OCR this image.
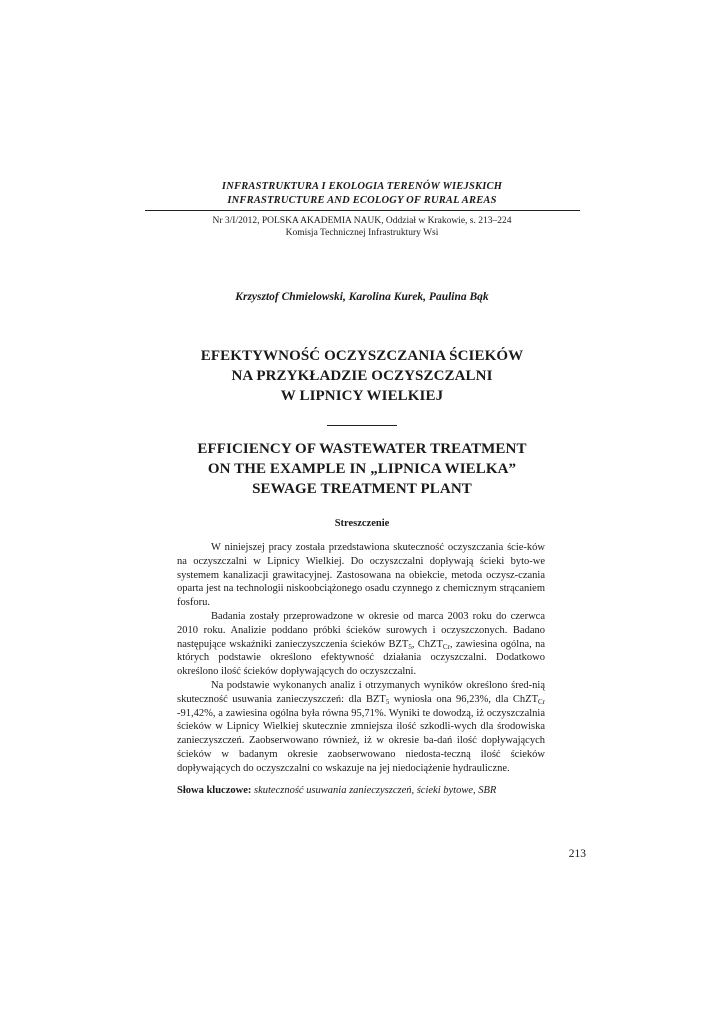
INFRASTRUKTURA I EKOLOGIA TERENÓW WIEJSKICH
INFRASTRUCTURE AND ECOLOGY OF RURAL AREAS
Nr 3/I/2012, POLSKA AKADEMIA NAUK, Oddział w Krakowie, s. 213–224
Komisja Technicznej Infrastruktury Wsi
Krzysztof Chmielowski, Karolina Kurek, Paulina Bąk
EFEKTYWNOŚĆ OCZYSZCZANIA ŚCIEKÓW
NA PRZYKŁADZIE OCZYSZCZALNI
W LIPNICY WIELKIEJ
EFFICIENCY OF WASTEWATER TREATMENT
ON THE EXAMPLE IN „LIPNICA WIELKA”
SEWAGE TREATMENT PLANT
Streszczenie

W niniejszej pracy została przedstawiona skuteczność oczyszczania ście-ków na oczyszczalni w Lipnicy Wielkiej. Do oczyszczalni dopływają ścieki byto-we systemem kanalizacji grawitacyjnej. Zastosowana na obiekcie, metoda oczysz-czania oparta jest na technologii niskoobciążonego osadu czynnego z chemicznym strącaniem fosforu.

Badania zostały przeprowadzone w okresie od marca 2003 roku do czerwca 2010 roku. Analizie poddano próbki ścieków surowych i oczyszczonych. Badano następujące wskaźniki zanieczyszczenia ścieków $BZT_5$, ChZT$_{Cr}$, zawiesina ogólna, na których podstawie określono efektywność działania oczyszczalni. Dodatkowo określono ilość ścieków dopływających do oczyszczalni.

Na podstawie wykonanych analiz i otrzymanych wyników określono śred-nią skuteczność usuwania zanieczyszczeń: dla $BZT_5$ wyniosła ona 96,23%, dla ChZT$_{Cr}$ -91,42%, a zawiesina ogólna była równa 95,71%. Wyniki te dowodzą, iż oczyszczalnia ścieków w Lipnicy Wielkiej skutecznie zmniejsza ilość szkodli-wych dla środowiska zanieczyszczeń. Zaobserwowano również, iż w okresie ba-dań ilość dopływających ścieków w badanym okresie zaobserwowano niedosta-teczną ilość ścieków dopływających do oczyszczalni co wskazuje na jej niedociążenie hydrauliczne.

Słowa kluczowe: skuteczność usuwania zanieczyszczeń, ścieki bytowe, SBR
213
